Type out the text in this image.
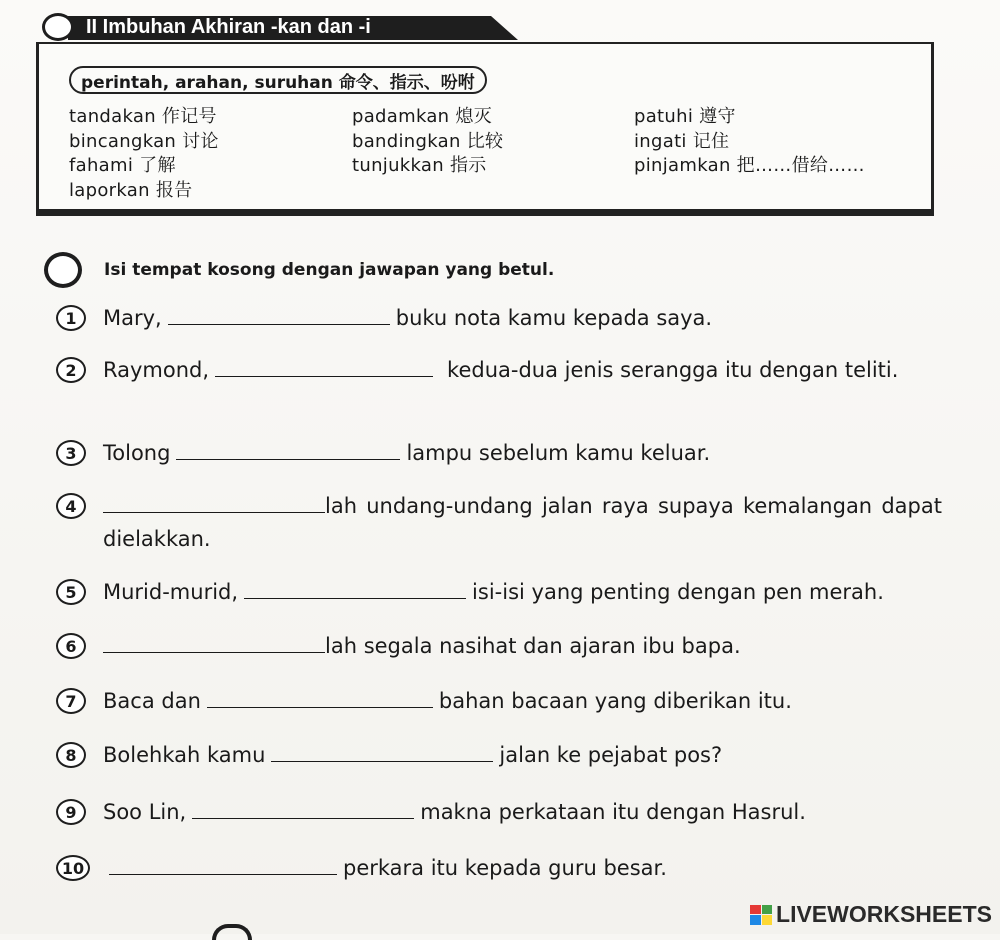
II Imbuhan Akhiran -kan dan -i
perintah, arahan, suruhan 命令、指示、吩咐
tandakan 作记号	padamkan 熄灭	patuhi 遵守
bincangkan 讨论	bandingkan 比较	ingati 记住
fahami 了解	tunjukkan 指示	pinjamkan 把……借给……
laporkan 报告
Isi tempat kosong dengan jawapan yang betul.
1	Mary,	buku nota kamu kepada saya.
2	Raymond,	kedua-dua jenis serangga itu dengan teliti.
3	Tolong	lampu sebelum kamu keluar.
4	lah undang-undang jalan raya supaya kemalangan dapat dielakkan.
5	Murid-murid,	isi-isi yang penting dengan pen merah.
6	lah segala nasihat dan ajaran ibu bapa.
7	Baca dan	bahan bacaan yang diberikan itu.
8	Bolehkah kamu	jalan ke pejabat pos?
9	Soo Lin,	makna perkataan itu dengan Hasrul.
10	perkara itu kepada guru besar.
LIVEWORKSHEETS
